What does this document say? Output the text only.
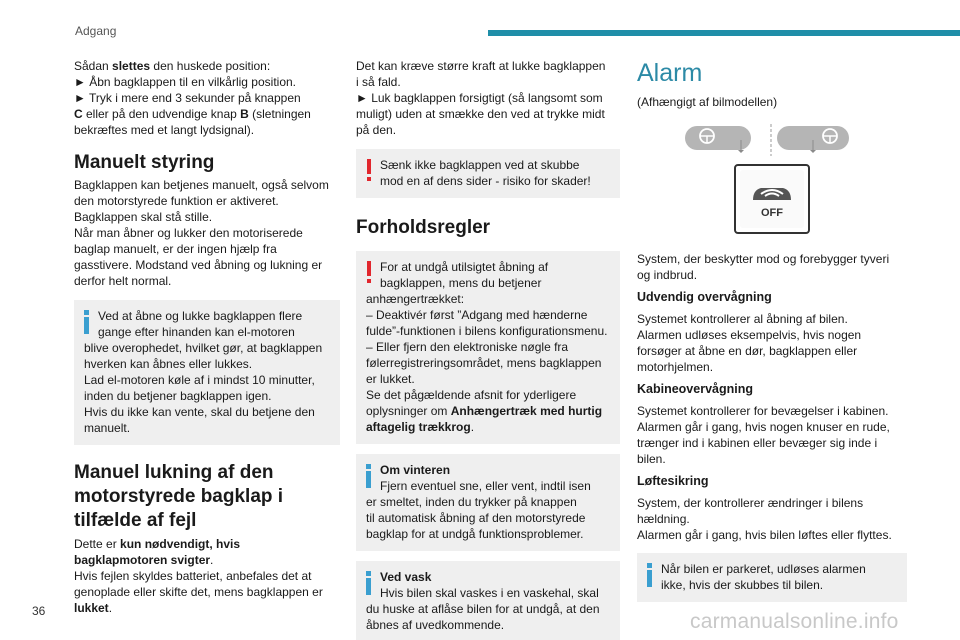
Adgang
Sådan slettes den huskede position:
► Åbn bagklappen til en vilkårlig position.
► Tryk i mere end 3 sekunder på knappen
C eller på den udvendige knap B (sletningen
bekræftes med et langt lydsignal).
Manuelt styring
Bagklappen kan betjenes manuelt, også selvom
den motorstyrede funktion er aktiveret.
Bagklappen skal stå stille.
Når man åbner og lukker den motoriserede
baglap manuelt, er der ingen hjælp fra
gasstivere. Modstand ved åbning og lukning er
derfor helt normal.
Ved at åbne og lukke bagklappen flere
gange efter hinanden kan el-motoren
blive overophedet, hvilket gør, at bagklappen
hverken kan åbnes eller lukkes.
Lad el-motoren køle af i mindst 10 minutter,
inden du betjener bagklappen igen.
Hvis du ikke kan vente, skal du betjene den
manuelt.
Manuel lukning af den
motorstyrede bagklap i
tilfælde af fejl
Dette er kun nødvendigt, hvis
bagklapmotoren svigter.
Hvis fejlen skyldes batteriet, anbefales det at
genoplade eller skifte det, mens bagklappen er
lukket.
Det kan kræve større kraft at lukke bagklappen
i så fald.
► Luk bagklappen forsigtigt (så langsomt som
muligt) uden at smække den ved at trykke midt
på den.
Sænk ikke bagklappen ved at skubbe
mod en af dens sider - risiko for skader!
Forholdsregler
For at undgå utilsigtet åbning af
bagklappen, mens du betjener
anhængertrækket:
– Deaktivér først ”Adgang med hænderne
fulde”-funktionen i bilens konfigurationsmenu.
– Eller fjern den elektroniske nøgle fra
følerregistreringsområdet, mens bagklappen
er lukket.
Se det pågældende afsnit for yderligere
oplysninger om Anhængertræk med hurtig
aftagelig trækkrog.
Om vinteren
Fjern eventuel sne, eller vent, indtil isen
er smeltet, inden du trykker på knappen
til automatisk åbning af den motorstyrede
bagklap for at undgå funktionsproblemer.
Ved vask
Hvis bilen skal vaskes i en vaskehal, skal
du huske at aflåse bilen for at undgå, at den
åbnes af uvedkommende.
Alarm
(Afhængigt af bilmodellen)
OFF
System, der beskytter mod og forebygger tyveri
og indbrud.
Udvendig overvågning
Systemet kontrollerer al åbning af bilen.
Alarmen udløses eksempelvis, hvis nogen
forsøger at åbne en dør, bagklappen eller
motorhjelmen.
Kabineovervågning
Systemet kontrollerer for bevægelser i kabinen.
Alarmen går i gang, hvis nogen knuser en rude,
trænger ind i kabinen eller bevæger sig inde i
bilen.
Løftesikring
System, der kontrollerer ændringer i bilens
hældning.
Alarmen går i gang, hvis bilen løftes eller flyttes.
Når bilen er parkeret, udløses alarmen
ikke, hvis der skubbes til bilen.
36	carmanualsonline.info
